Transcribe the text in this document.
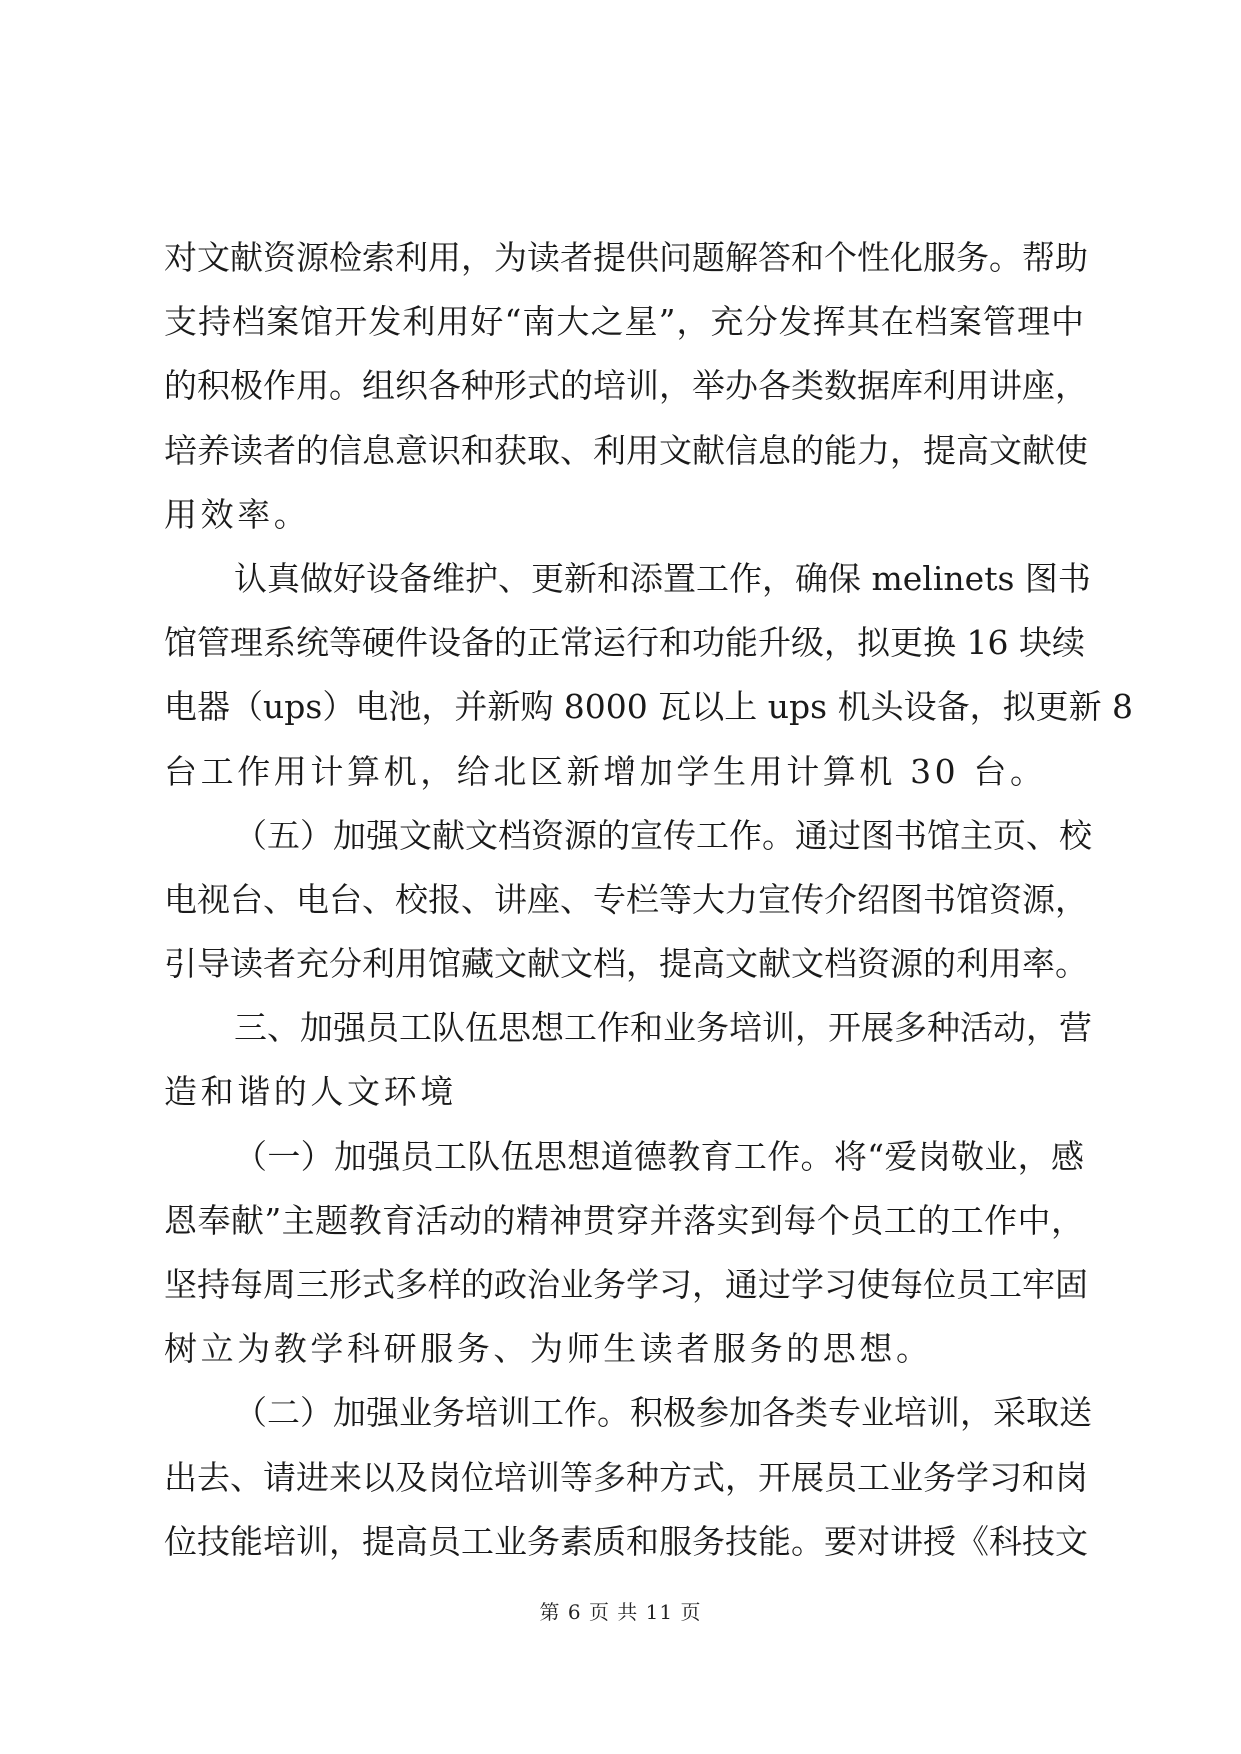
对文献资源检索利用，为读者提供问题解答和个性化服务。帮助
支持档案馆开发利用好“南大之星”，充分发挥其在档案管理中
的积极作用。组织各种形式的培训，举办各类数据库利用讲座，
培养读者的信息意识和获取、利用文献信息的能力，提高文献使
用效率。
认真做好设备维护、更新和添置工作，确保 melinets 图书
馆管理系统等硬件设备的正常运行和功能升级，拟更换 16 块续
电器（ups）电池，并新购 8000 瓦以上 ups 机头设备，拟更新 8
台工作用计算机，给北区新增加学生用计算机 30 台。
（五）加强文献文档资源的宣传工作。通过图书馆主页、校
电视台、电台、校报、讲座、专栏等大力宣传介绍图书馆资源，
引导读者充分利用馆藏文献文档，提高文献文档资源的利用率。
三、加强员工队伍思想工作和业务培训，开展多种活动，营
造和谐的人文环境
（一）加强员工队伍思想道德教育工作。将“爱岗敬业，感
恩奉献”主题教育活动的精神贯穿并落实到每个员工的工作中，
坚持每周三形式多样的政治业务学习，通过学习使每位员工牢固
树立为教学科研服务、为师生读者服务的思想。
（二）加强业务培训工作。积极参加各类专业培训，采取送
出去、请进来以及岗位培训等多种方式，开展员工业务学习和岗
位技能培训，提高员工业务素质和服务技能。要对讲授《科技文
第 6 页 共 11 页
